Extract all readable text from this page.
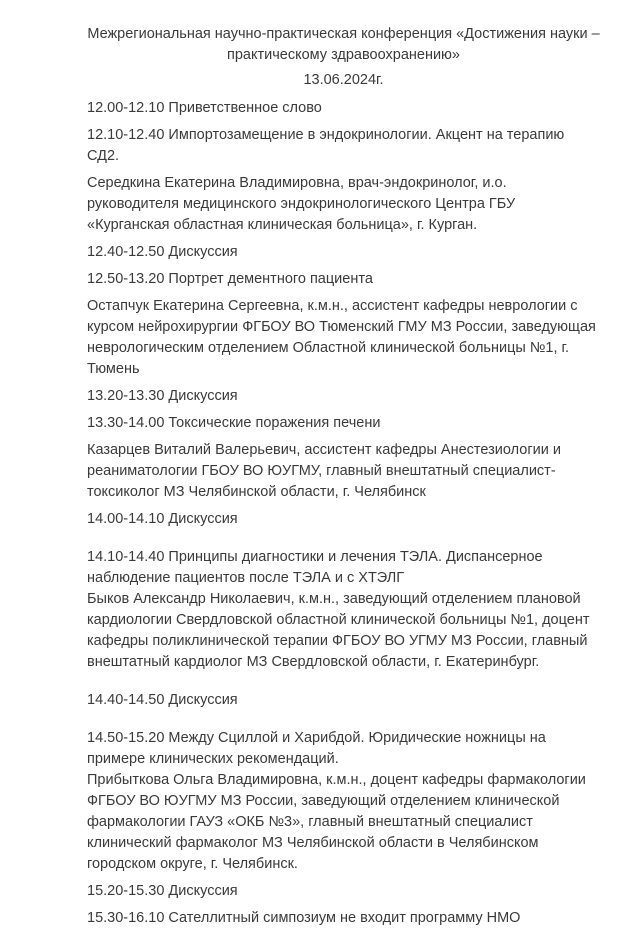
Межрегиональная научно-практическая конференция «Достижения науки –

практическому здравоохранению»

13.06.2024г.

12.00-12.10 Приветственное слово

12.10-12.40 Импортозамещение в эндокринологии. Акцент на терапию СД2.

Середкина Екатерина Владимировна, врач-эндокринолог, и.о. руководителя медицинского эндокринологического Центра ГБУ «Курганская областная клиническая больница», г. Курган.

12.40-12.50 Дискуссия

12.50-13.20 Портрет дементного пациента

Остапчук Екатерина Сергеевна, к.м.н., ассистент кафедры неврологии с курсом нейрохирургии ФГБОУ ВО Тюменский ГМУ МЗ России, заведующая неврологическим отделением Областной клинической больницы №1, г. Тюмень

13.20-13.30 Дискуссия

13.30-14.00 Токсические поражения печени

Казарцев Виталий Валерьевич, ассистент кафедры Анестезиологии и реаниматологии ГБОУ ВО ЮУГМУ, главный внештатный специалист-токсиколог МЗ Челябинской области, г. Челябинск

14.00-14.10 Дискуссия

14.10-14.40 Принципы диагностики и лечения ТЭЛА. Диспансерное наблюдение пациентов после ТЭЛА и с ХТЭЛГ

Быков Александр Николаевич, к.м.н., заведующий отделением плановой кардиологии Свердловской областной клинической больницы №1, доцент кафедры поликлинической терапии ФГБОУ ВО УГМУ МЗ России, главный внештатный кардиолог МЗ Свердловской области, г. Екатеринбург.

14.40-14.50 Дискуссия

14.50-15.20 Между Сциллой и Харибдой. Юридические ножницы на примере клинических рекомендаций.

Прибыткова Ольга Владимировна, к.м.н., доцент кафедры фармакологии ФГБОУ ВО ЮУГМУ МЗ России, заведующий отделением клинической фармакологии ГАУЗ «ОКБ №3», главный внештатный специалист клинический фармаколог МЗ Челябинской области в Челябинском городском округе, г. Челябинск.

15.20-15.30 Дискуссия

15.30-16.10 Сателлитный симпозиум не входит программу НМО
